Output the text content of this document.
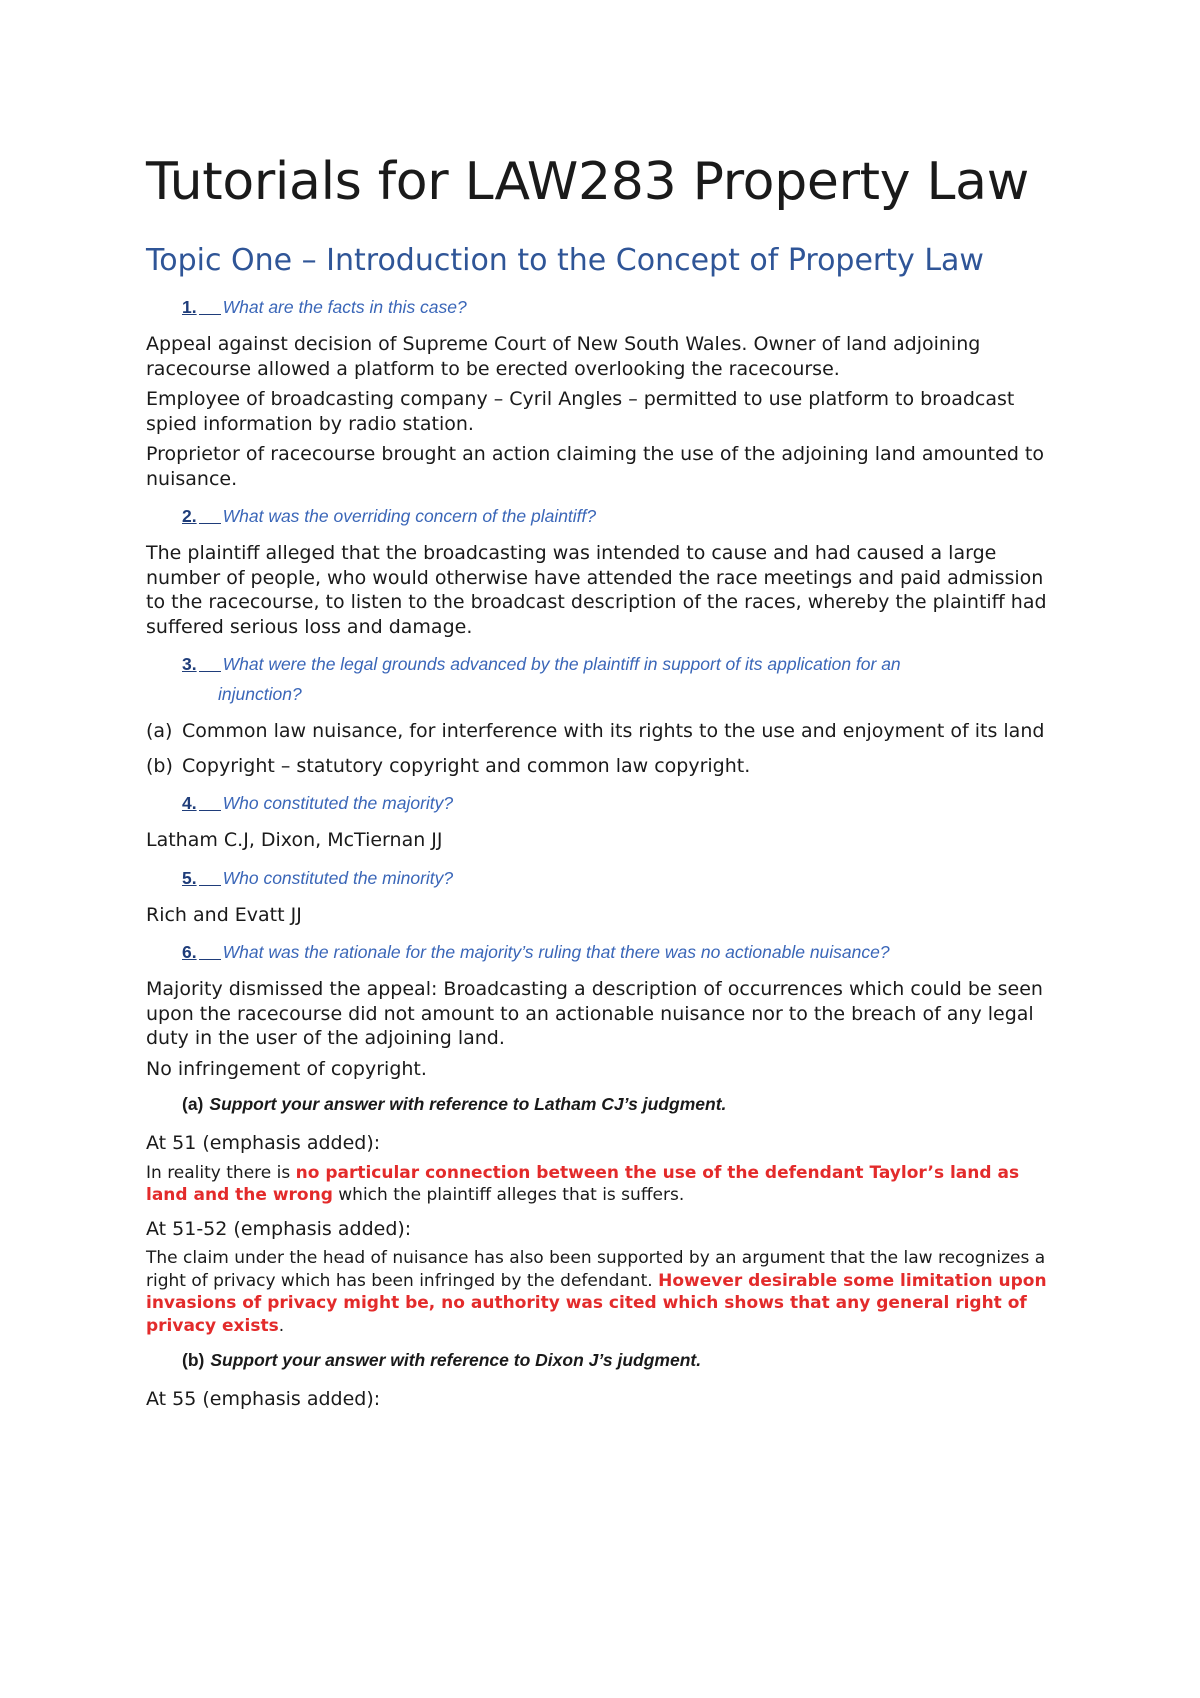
Tutorials for LAW283 Property Law
Topic One – Introduction to the Concept of Property Law
1. What are the facts in this case?

Appeal against decision of Supreme Court of New South Wales. Owner of land adjoining racecourse allowed a platform to be erected overlooking the racecourse.

Employee of broadcasting company – Cyril Angles – permitted to use platform to broadcast spied information by radio station.

Proprietor of racecourse brought an action claiming the use of the adjoining land amounted to nuisance.

2. What was the overriding concern of the plaintiff?

The plaintiff alleged that the broadcasting was intended to cause and had caused a large number of people, who would otherwise have attended the race meetings and paid admission to the racecourse, to listen to the broadcast description of the races, whereby the plaintiff had suffered serious loss and damage.

3. What were the legal grounds advanced by the plaintiff in support of its application for an
injunction?
(a) Common law nuisance, for interference with its rights to the use and enjoyment of its land
(b) Copyright – statutory copyright and common law copyright.
4. Who constituted the majority?

Latham C.J, Dixon, McTiernan JJ

5. Who constituted the minority?

Rich and Evatt JJ

6. What was the rationale for the majority’s ruling that there was no actionable nuisance?

Majority dismissed the appeal: Broadcasting a description of occurrences which could be seen upon the racecourse did not amount to an actionable nuisance nor to the breach of any legal duty in the user of the adjoining land.

No infringement of copyright.

(a) Support your answer with reference to Latham CJ’s judgment.

At 51 (emphasis added):

In reality there is no particular connection between the use of the defendant Taylor’s land as land and the wrong which the plaintiff alleges that is suffers.

At 51-52 (emphasis added):

The claim under the head of nuisance has also been supported by an argument that the law recognizes a right of privacy which has been infringed by the defendant. However desirable some limitation upon invasions of privacy might be, no authority was cited which shows that any general right of privacy exists.

(b) Support your answer with reference to Dixon J’s judgment.

At 55 (emphasis added):
